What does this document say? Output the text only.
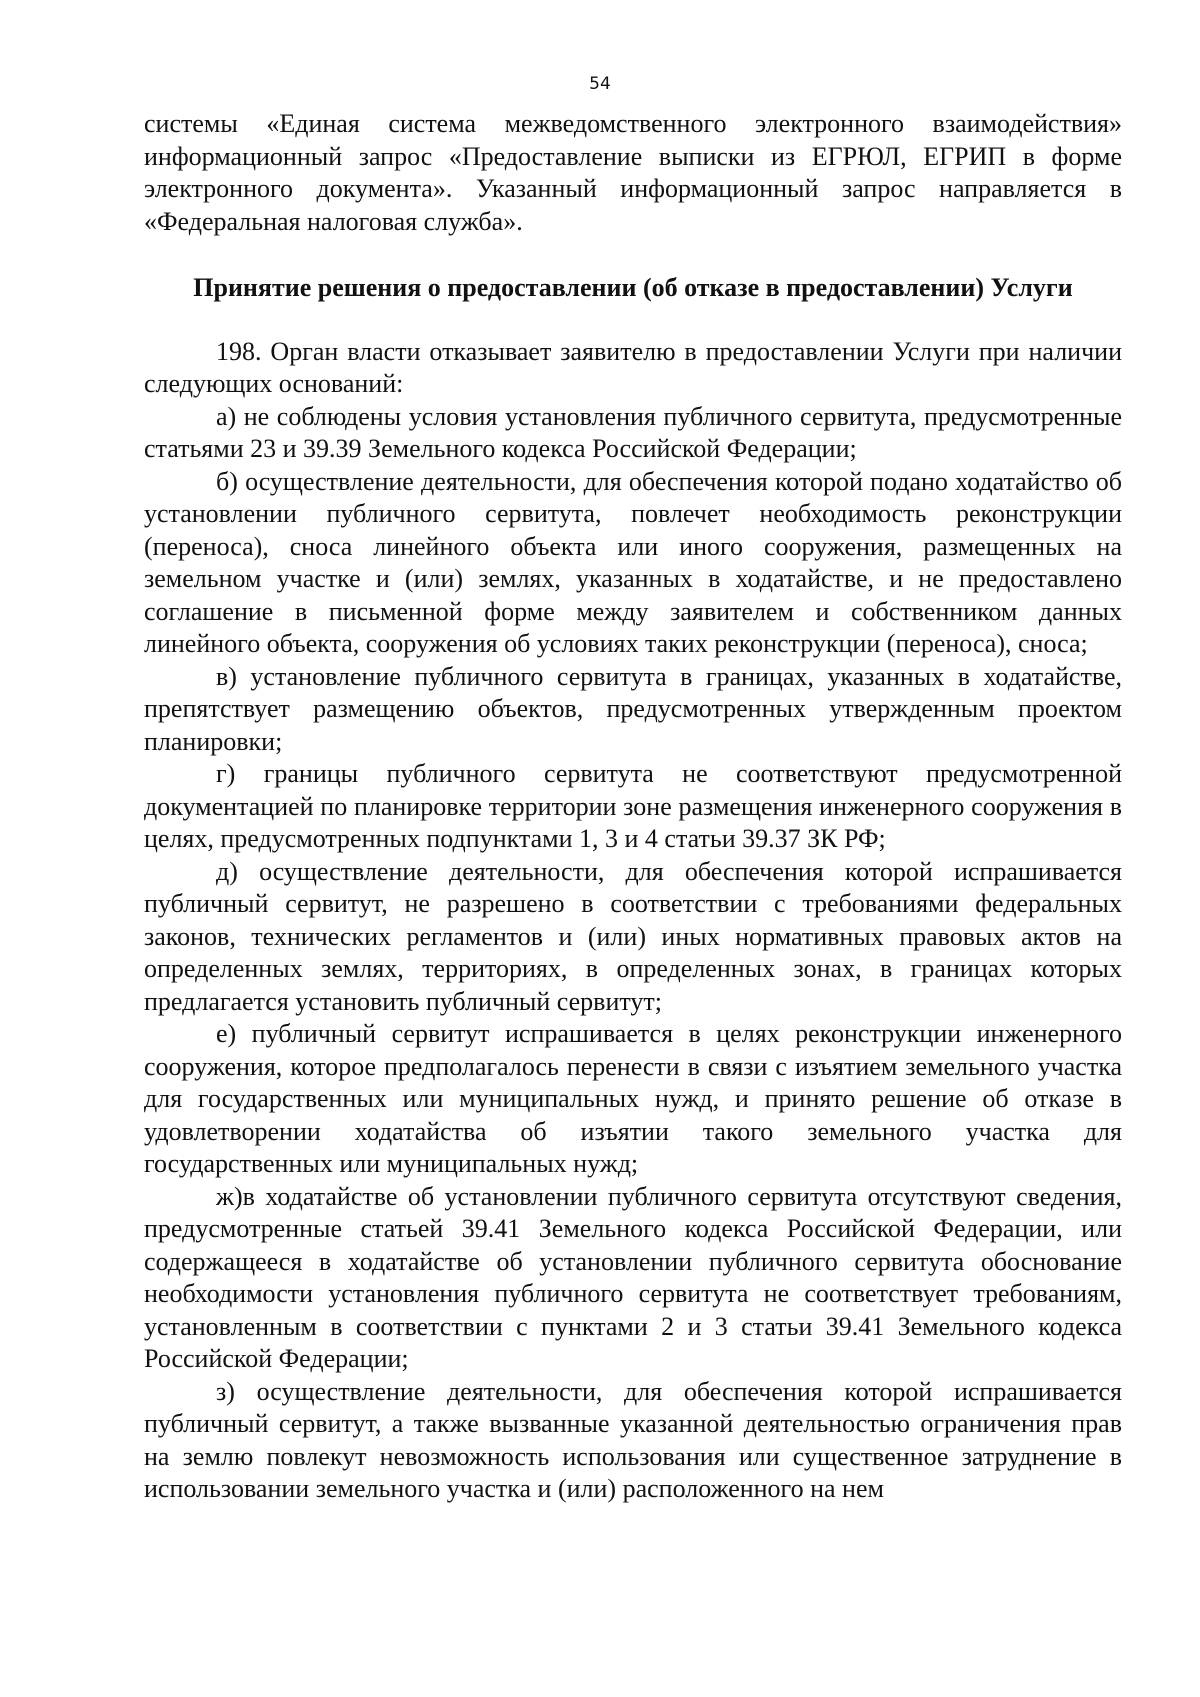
54

системы «Единая система межведомственного электронного взаимодействия» информационный запрос «Предоставление выписки из ЕГРЮЛ, ЕГРИП в форме электронного документа». Указанный информационный запрос направляется в «Федеральная налоговая служба».

Принятие решения о предоставлении (об отказе в предоставлении) Услуги

198. Орган власти отказывает заявителю в предоставлении Услуги при наличии следующих оснований:

а) не соблюдены условия установления публичного сервитута, предусмотренные статьями 23 и 39.39 Земельного кодекса Российской Федерации;

б) осуществление деятельности, для обеспечения которой подано ходатайство об установлении публичного сервитута, повлечет необходимость реконструкции (переноса), сноса линейного объекта или иного сооружения, размещенных на земельном участке и (или) землях, указанных в ходатайстве, и не предоставлено соглашение в письменной форме между заявителем и собственником данных линейного объекта, сооружения об условиях таких реконструкции (переноса), сноса;

в) установление публичного сервитута в границах, указанных в ходатайстве, препятствует размещению объектов, предусмотренных утвержденным проектом планировки;

г) границы публичного сервитута не соответствуют предусмотренной документацией по планировке территории зоне размещения инженерного сооружения в целях, предусмотренных подпунктами 1, 3 и 4 статьи 39.37 ЗК РФ;

д) осуществление деятельности, для обеспечения которой испрашивается публичный сервитут, не разрешено в соответствии с требованиями федеральных законов, технических регламентов и (или) иных нормативных правовых актов на определенных землях, территориях, в определенных зонах, в границах которых предлагается установить публичный сервитут;

е) публичный сервитут испрашивается в целях реконструкции инженерного сооружения, которое предполагалось перенести в связи с изъятием земельного участка для государственных или муниципальных нужд, и принято решение об отказе в удовлетворении ходатайства об изъятии такого земельного участка для государственных или муниципальных нужд;

ж)в ходатайстве об установлении публичного сервитута отсутствуют сведения, предусмотренные статьей 39.41 Земельного кодекса Российской Федерации, или содержащееся в ходатайстве об установлении публичного сервитута обоснование необходимости установления публичного сервитута не соответствует требованиям, установленным в соответствии с пунктами 2 и 3 статьи 39.41 Земельного кодекса Российской Федерации;

з) осуществление деятельности, для обеспечения которой испрашивается публичный сервитут, а также вызванные указанной деятельностью ограничения прав на землю повлекут невозможность использования или существенное затруднение в использовании земельного участка и (или) расположенного на нем
